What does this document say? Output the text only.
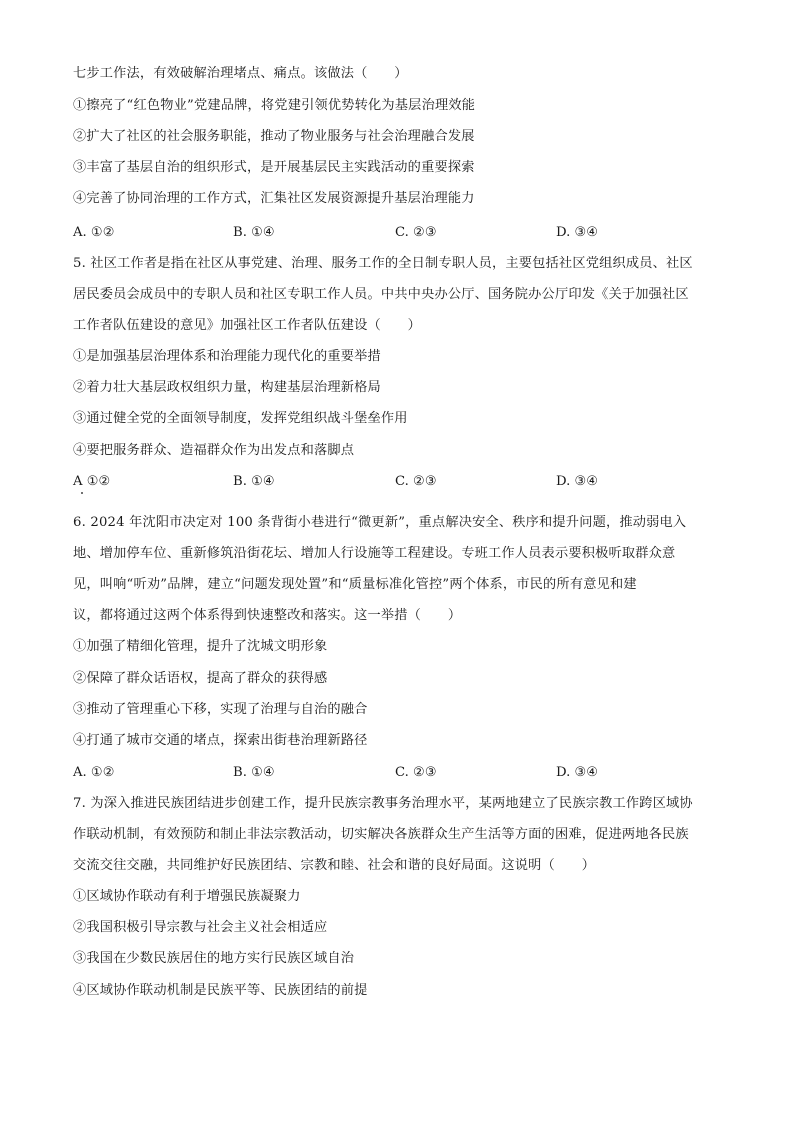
七步工作法，有效破解治理堵点、痛点。该做法（　　）
①擦亮了“红色物业”党建品牌，将党建引领优势转化为基层治理效能
②扩大了社区的社会服务职能，推动了物业服务与社会治理融合发展
③丰富了基层自治的组织形式，是开展基层民主实践活动的重要探索
④完善了协同治理的工作方式，汇集社区发展资源提升基层治理能力
A. ①②	B. ①④	C. ②③	D. ③④
5. 社区工作者是指在社区从事党建、治理、服务工作的全日制专职人员，主要包括社区党组织成员、社区
居民委员会成员中的专职人员和社区专职工作人员。中共中央办公厅、国务院办公厅印发《关于加强社区
工作者队伍建设的意见》加强社区工作者队伍建设（　　）
①是加强基层治理体系和治理能力现代化的重要举措
②着力壮大基层政权组织力量，构建基层治理新格局
③通过健全党的全面领导制度，发挥党组织战斗堡垒作用
④要把服务群众、造福群众作为出发点和落脚点
A ①②	B. ①④	C. ②③	D. ③④
6. 2024 年沈阳市决定对 100 条背街小巷进行“微更新”，重点解决安全、秩序和提升问题，推动弱电入
地、增加停车位、重新修筑沿街花坛、增加人行设施等工程建设。专班工作人员表示要积极听取群众意
见，叫响“听劝”品牌，建立“问题发现处置”和“质量标准化管控”两个体系，市民的所有意见和建
议，都将通过这两个体系得到快速整改和落实。这一举措（　　）
①加强了精细化管理，提升了沈城文明形象
②保障了群众话语权，提高了群众的获得感
③推动了管理重心下移，实现了治理与自治的融合
④打通了城市交通的堵点，探索出街巷治理新路径
A. ①②	B. ①④	C. ②③	D. ③④
7. 为深入推进民族团结进步创建工作，提升民族宗教事务治理水平，某两地建立了民族宗教工作跨区域协
作联动机制，有效预防和制止非法宗教活动，切实解决各族群众生产生活等方面的困难，促进两地各民族
交流交往交融，共同维护好民族团结、宗教和睦、社会和谐的良好局面。这说明（　　）
①区域协作联动有利于增强民族凝聚力
②我国积极引导宗教与社会主义社会相适应
③我国在少数民族居住的地方实行民族区域自治
④区域协作联动机制是民族平等、民族团结的前提
